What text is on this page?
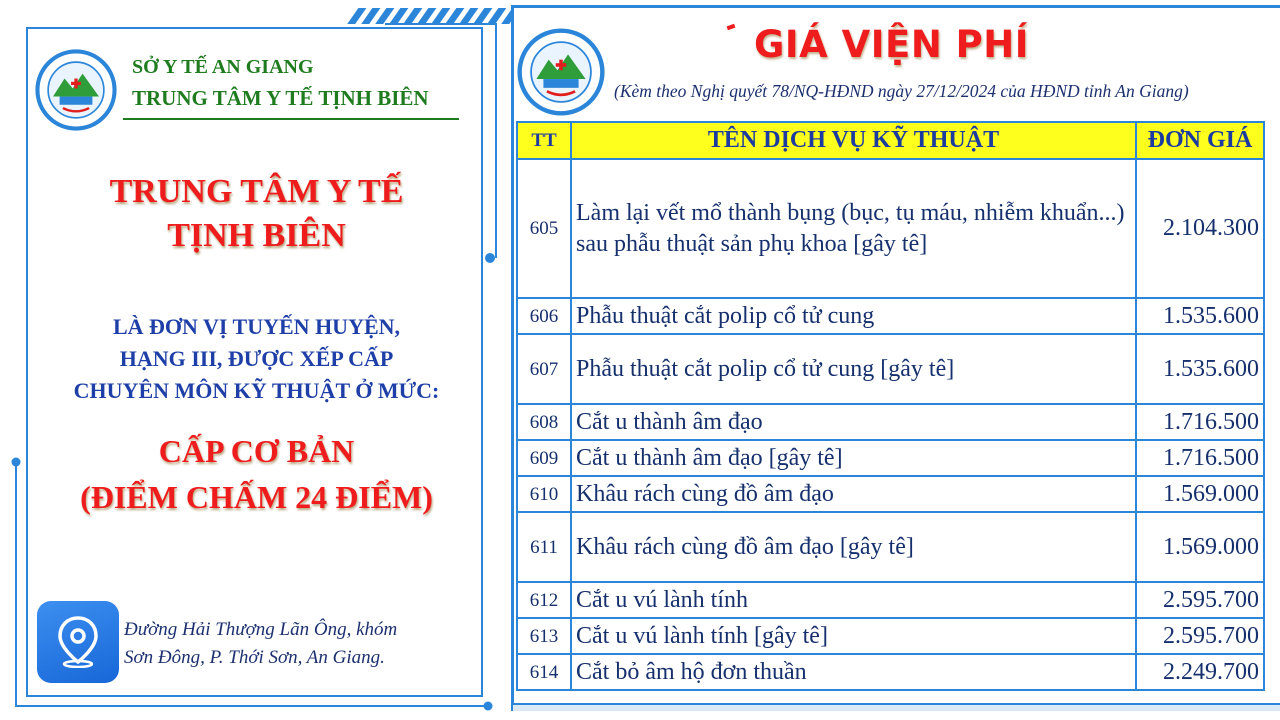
SỞ Y TẾ AN GIANG
TRUNG TÂM Y TẾ TỊNH BIÊN
TRUNG TÂM Y TẾ
TỊNH BIÊN
LÀ ĐƠN VỊ TUYẾN HUYỆN,
HẠNG III, ĐƯỢC XẾP CẤP
CHUYÊN MÔN KỸ THUẬT Ở MỨC:
CẤP CƠ BẢN
(ĐIỂM CHẤM 24 ĐIỂM)
Đường Hải Thượng Lãn Ông, khóm
Sơn Đông, P. Thới Sơn, An Giang.
GIÁ VIỆN PHÍ
(Kèm theo Nghị quyết 78/NQ-HĐND ngày 27/12/2024 của HĐND tỉnh An Giang)
TT	TÊN DỊCH VỤ KỸ THUẬT	ĐƠN GIÁ
605	Làm lại vết mổ thành bụng (bục, tụ máu, nhiễm khuẩn...) sau phẫu thuật sản phụ khoa [gây tê]	2.104.300
606	Phẫu thuật cắt polip cổ tử cung	1.535.600
607	Phẫu thuật cắt polip cổ tử cung [gây tê]	1.535.600
608	Cắt u thành âm đạo	1.716.500
609	Cắt u thành âm đạo [gây tê]	1.716.500
610	Khâu rách cùng đồ âm đạo	1.569.000
611	Khâu rách cùng đồ âm đạo [gây tê]	1.569.000
612	Cắt u vú lành tính	2.595.700
613	Cắt u vú lành tính [gây tê]	2.595.700
614	Cắt bỏ âm hộ đơn thuần	2.249.700
